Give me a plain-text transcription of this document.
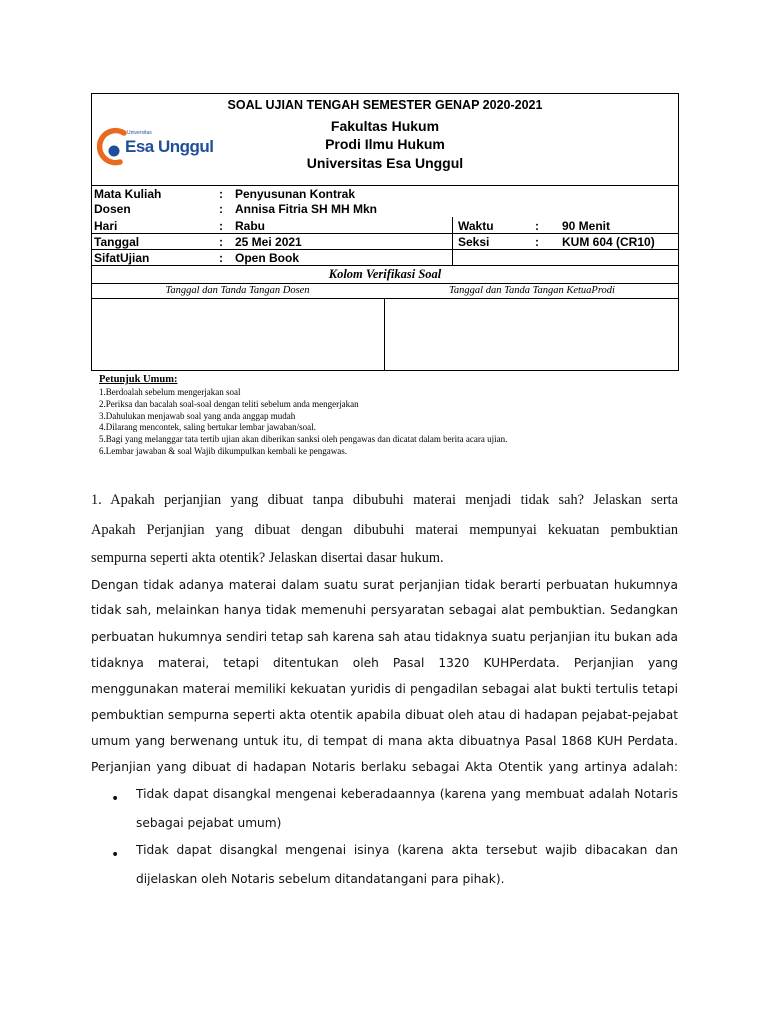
SOAL UJIAN TENGAH SEMESTER GENAP 2020-2021
Fakultas Hukum
Prodi Ilmu Hukum
Universitas Esa Unggul
Universitas
Esa Unggul
Mata Kuliah	: Penyusunan Kontrak
Dosen	: Annisa Fitria SH MH Mkn
Hari	: Rabu	Waktu	: 90 Menit
Tanggal	: 25 Mei 2021	Seksi	: KUM 604 (CR10)
SifatUjian	: Open Book
Kolom Verifikasi Soal
Tanggal dan Tanda Tangan Dosen	Tanggal dan Tanda Tangan KetuaProdi
Petunjuk Umum:
1.Berdoalah sebelum mengerjakan soal
2.Periksa dan bacalah soal-soal dengan teliti sebelum anda mengerjakan
3.Dahulukan menjawab soal yang anda anggap mudah
4.Dilarang mencontek, saling bertukar lembar jawaban/soal.
5.Bagi yang melanggar tata tertib ujian akan diberikan sanksi oleh pengawas dan dicatat dalam berita acara ujian.
6.Lembar jawaban & soal Wajib dikumpulkan kembali ke pengawas.
1. Apakah perjanjian yang dibuat tanpa dibubuhi materai menjadi tidak sah? Jelaskan serta
Apakah Perjanjian yang dibuat dengan dibubuhi materai mempunyai kekuatan pembuktian
sempurna seperti akta otentik? Jelaskan disertai dasar hukum.
Dengan tidak adanya materai dalam suatu surat perjanjian tidak berarti perbuatan hukumnya
tidak sah, melainkan hanya tidak memenuhi persyaratan sebagai alat pembuktian. Sedangkan
perbuatan hukumnya sendiri tetap sah karena sah atau tidaknya suatu perjanjian itu bukan ada
tidaknya materai, tetapi ditentukan oleh Pasal 1320 KUHPerdata. Perjanjian yang
menggunakan materai memiliki kekuatan yuridis di pengadilan sebagai alat bukti tertulis tetapi
pembuktian sempurna seperti akta otentik apabila dibuat oleh atau di hadapan pejabat-pejabat
umum yang berwenang untuk itu, di tempat di mana akta dibuatnya Pasal 1868 KUH Perdata.
Perjanjian yang dibuat di hadapan Notaris berlaku sebagai Akta Otentik yang artinya adalah:
• Tidak dapat disangkal mengenai keberadaannya (karena yang membuat adalah Notaris
sebagai pejabat umum)
• Tidak dapat disangkal mengenai isinya (karena akta tersebut wajib dibacakan dan
dijelaskan oleh Notaris sebelum ditandatangani para pihak).
